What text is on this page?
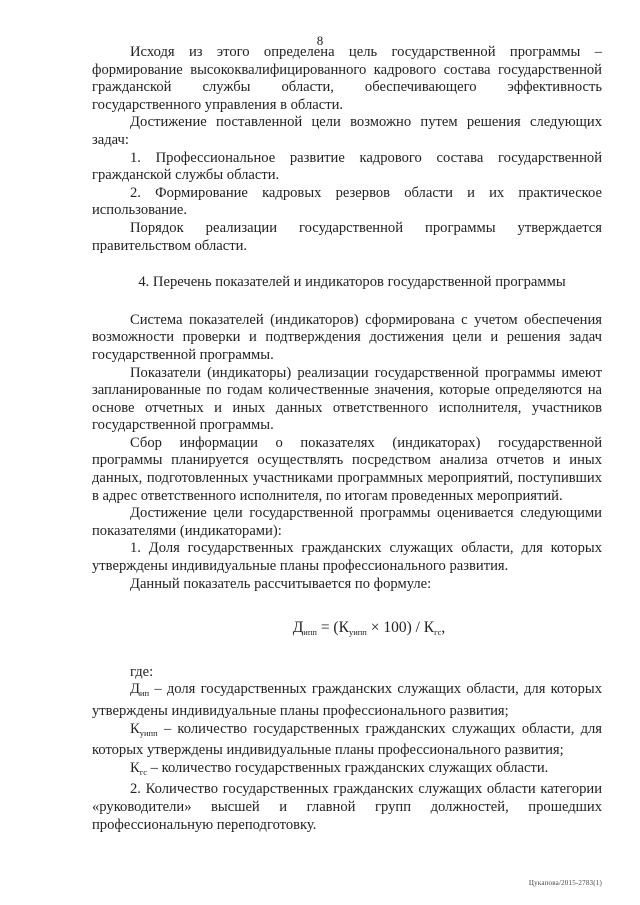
8

Исходя из этого определена цель государственной программы – формирование высококвалифицированного кадрового состава государственной гражданской службы области, обеспечивающего эффективность государственного управления в области.

Достижение поставленной цели возможно путем решения следующих задач:

1. Профессиональное развитие кадрового состава государственной гражданской службы области.

2. Формирование кадровых резервов области и их практическое использование.

Порядок реализации государственной программы утверждается правительством области.

4. Перечень показателей и индикаторов государственной программы

Система показателей (индикаторов) сформирована с учетом обеспечения возможности проверки и подтверждения достижения цели и решения задач государственной программы.

Показатели (индикаторы) реализации государственной программы имеют запланированные по годам количественные значения, которые определяются на основе отчетных и иных данных ответственного исполнителя, участников государственной программы.

Сбор информации о показателях (индикаторах) государственной программы планируется осуществлять посредством анализа отчетов и иных данных, подготовленных участниками программных мероприятий, поступивших в адрес ответственного исполнителя, по итогам проведенных мероприятий.

Достижение цели государственной программы оценивается следующими показателями (индикаторами):

1. Доля государственных гражданских служащих области, для которых утверждены индивидуальные планы профессионального развития.

Данный показатель рассчитывается по формуле:

$Д_{ипп} = (К_{уипп} \times 100) / К_{гс}$,

где:

$Д_{ип}$ – доля государственных гражданских служащих области, для которых утверждены индивидуальные планы профессионального развития;

$К_{уипп}$ – количество государственных гражданских служащих области, для которых утверждены индивидуальные планы профессионального развития;

$К_{гс}$ – количество государственных гражданских служащих области.

2. Количество государственных гражданских служащих области категории «руководители» высшей и главной групп должностей, прошедших профессиональную переподготовку.

Цукапова/2015-2783(1)
